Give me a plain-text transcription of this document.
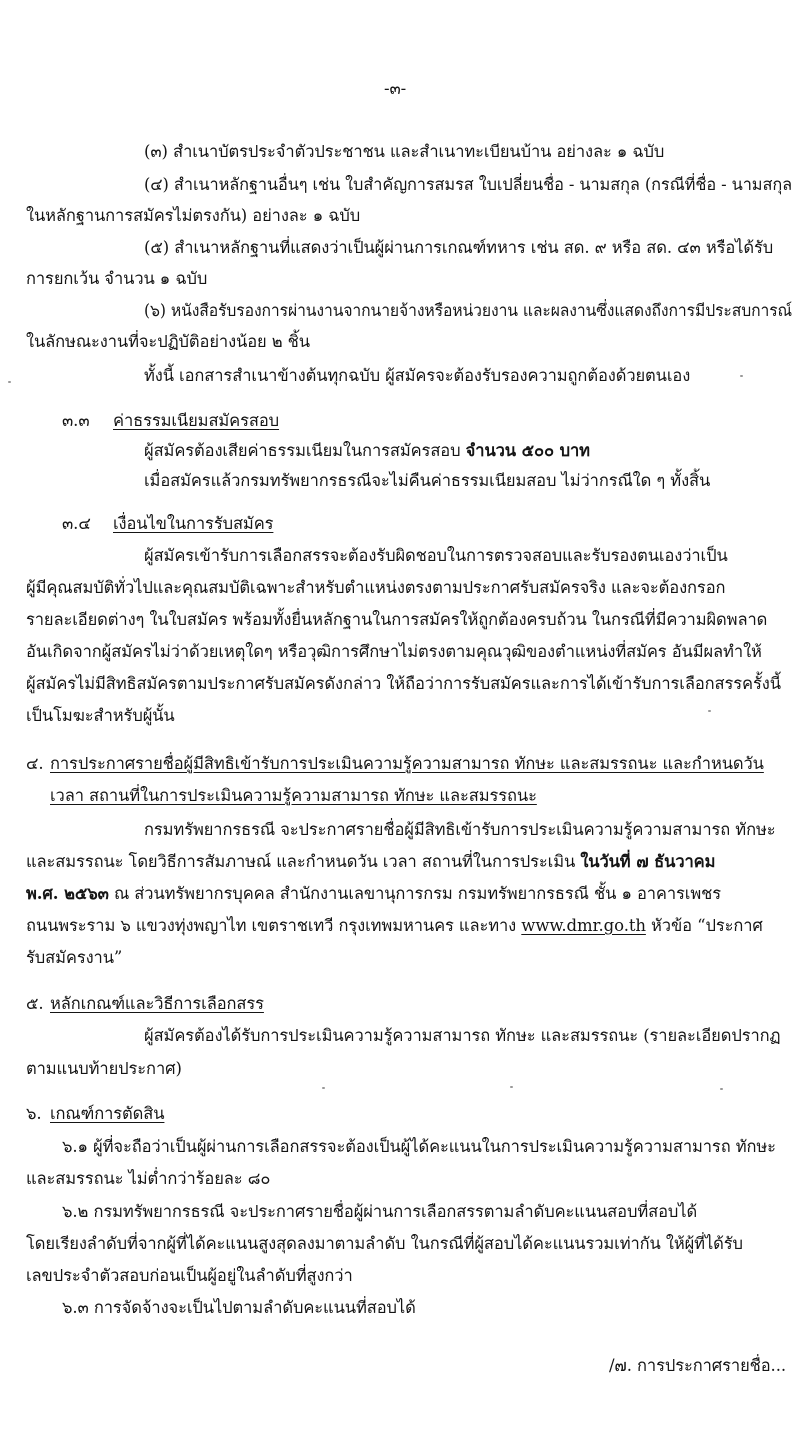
-๓-
(๓) สำเนาบัตรประจำตัวประชาชน และสำเนาทะเบียนบ้าน อย่างละ ๑ ฉบับ
(๔) สำเนาหลักฐานอื่นๆ เช่น ใบสำคัญการสมรส ใบเปลี่ยนชื่อ - นามสกุล (กรณีที่ชื่อ - นามสกุล
ในหลักฐานการสมัครไม่ตรงกัน) อย่างละ ๑ ฉบับ
(๕) สำเนาหลักฐานที่แสดงว่าเป็นผู้ผ่านการเกณฑ์ทหาร เช่น สด. ๙ หรือ สด. ๔๓ หรือได้รับ
การยกเว้น จำนวน ๑ ฉบับ
(๖) หนังสือรับรองการผ่านงานจากนายจ้างหรือหน่วยงาน และผลงานซึ่งแสดงถึงการมีประสบการณ์
ในลักษณะงานที่จะปฏิบัติอย่างน้อย ๒ ชิ้น
ทั้งนี้ เอกสารสำเนาข้างต้นทุกฉบับ ผู้สมัครจะต้องรับรองความถูกต้องด้วยตนเอง
๓.๓ ค่าธรรมเนียมสมัครสอบ
ผู้สมัครต้องเสียค่าธรรมเนียมในการสมัครสอบ จำนวน ๕๐๐ บาท
เมื่อสมัครแล้วกรมทรัพยากรธรณีจะไม่คืนค่าธรรมเนียมสอบ ไม่ว่ากรณีใด ๆ ทั้งสิ้น
๓.๔ เงื่อนไขในการรับสมัคร
ผู้สมัครเข้ารับการเลือกสรรจะต้องรับผิดชอบในการตรวจสอบและรับรองตนเองว่าเป็น
ผู้มีคุณสมบัติทั่วไปและคุณสมบัติเฉพาะสำหรับตำแหน่งตรงตามประกาศรับสมัครจริง และจะต้องกรอก
รายละเอียดต่างๆ ในใบสมัคร พร้อมทั้งยื่นหลักฐานในการสมัครให้ถูกต้องครบถ้วน ในกรณีที่มีความผิดพลาด
อันเกิดจากผู้สมัครไม่ว่าด้วยเหตุใดๆ หรือวุฒิการศึกษาไม่ตรงตามคุณวุฒิของตำแหน่งที่สมัคร อันมีผลทำให้
ผู้สมัครไม่มีสิทธิสมัครตามประกาศรับสมัครดังกล่าว ให้ถือว่าการรับสมัครและการได้เข้ารับการเลือกสรรครั้งนี้
เป็นโมฆะสำหรับผู้นั้น
๔. การประกาศรายชื่อผู้มีสิทธิเข้ารับการประเมินความรู้ความสามารถ ทักษะ และสมรรถนะ และกำหนดวัน
เวลา สถานที่ในการประเมินความรู้ความสามารถ ทักษะ และสมรรถนะ
กรมทรัพยากรธรณี จะประกาศรายชื่อผู้มีสิทธิเข้ารับการประเมินความรู้ความสามารถ ทักษะ
และสมรรถนะ โดยวิธีการสัมภาษณ์ และกำหนดวัน เวลา สถานที่ในการประเมิน ในวันที่ ๗ ธันวาคม
พ.ศ. ๒๕๖๓ ณ ส่วนทรัพยากรบุคคล สำนักงานเลขานุการกรม กรมทรัพยากรธรณี ชั้น ๑ อาคารเพชร
ถนนพระราม ๖ แขวงทุ่งพญาไท เขตราชเทวี กรุงเทพมหานคร และทาง www.dmr.go.th หัวข้อ “ประกาศ
รับสมัครงาน”
๕. หลักเกณฑ์และวิธีการเลือกสรร
ผู้สมัครต้องได้รับการประเมินความรู้ความสามารถ ทักษะ และสมรรถนะ (รายละเอียดปรากฏ
ตามแนบท้ายประกาศ)
๖. เกณฑ์การตัดสิน
๖.๑ ผู้ที่จะถือว่าเป็นผู้ผ่านการเลือกสรรจะต้องเป็นผู้ได้คะแนนในการประเมินความรู้ความสามารถ ทักษะ
และสมรรถนะ ไม่ต่ำกว่าร้อยละ ๘๐
๖.๒ กรมทรัพยากรธรณี จะประกาศรายชื่อผู้ผ่านการเลือกสรรตามลำดับคะแนนสอบที่สอบได้
โดยเรียงลำดับที่จากผู้ที่ได้คะแนนสูงสุดลงมาตามลำดับ ในกรณีที่ผู้สอบได้คะแนนรวมเท่ากัน ให้ผู้ที่ได้รับ
เลขประจำตัวสอบก่อนเป็นผู้อยู่ในลำดับที่สูงกว่า
๖.๓ การจัดจ้างจะเป็นไปตามลำดับคะแนนที่สอบได้
/๗. การประกาศรายชื่อ...
